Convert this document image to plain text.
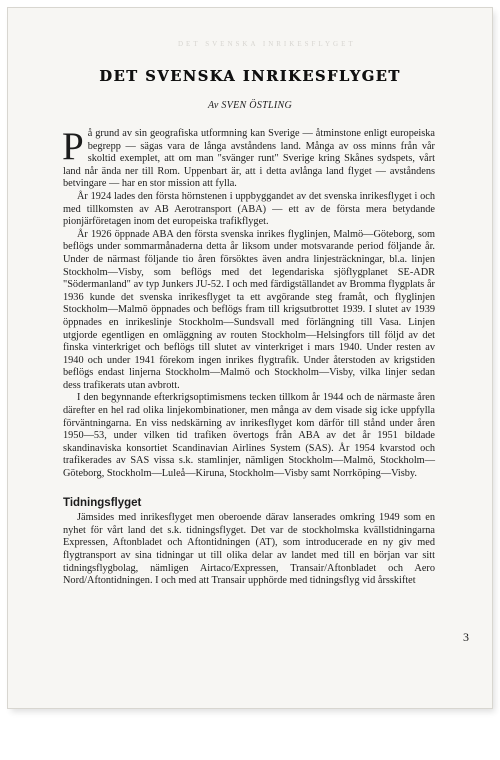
DET SVENSKA INRIKESFLYGET
DET SVENSKA INRIKESFLYGET
Av SVEN ÖSTLING

På grund av sin geografiska utformning kan Sverige — åtminstone enligt europeiska begrepp — sägas vara de långa avståndens land. Många av oss minns från vår skoltid exemplet, att om man "svänger runt" Sverige kring Skånes sydspets, vårt land når ända ner till Rom. Uppenbart är, att i detta avlånga land flyget — avståndens betvingare — har en stor mission att fylla.

År 1924 lades den första hörnstenen i uppbyggandet av det svenska inrikesflyget i och med tillkomsten av AB Aerotransport (ABA) — ett av de första mera betydande pionjärföretagen inom det europeiska trafikflyget.

År 1926 öppnade ABA den första svenska inrikes flyglinjen, Malmö—Göteborg, som beflögs under sommarmånaderna detta år liksom under motsvarande period följande år. Under de närmast följande tio åren försöktes även andra linjesträckningar, bl.a. linjen Stockholm—Visby, som beflögs med det legendariska sjöflygplanet SE-ADR "Södermanland" av typ Junkers JU-52. I och med färdigställandet av Bromma flygplats år 1936 kunde det svenska inrikesflyget ta ett avgörande steg framåt, och flyglinjen Stockholm—Malmö öppnades och beflögs fram till krigsutbrottet 1939. I slutet av 1939 öppnades en inrikeslinje Stockholm—Sundsvall med förlängning till Vasa. Linjen utgjorde egentligen en omläggning av routen Stockholm—Helsingfors till följd av det finska vinterkriget och beflögs till slutet av vinterkriget i mars 1940. Under resten av 1940 och under 1941 förekom ingen inrikes flygtrafik. Under återstoden av krigstiden beflögs endast linjerna Stockholm—Malmö och Stockholm—Visby, vilka linjer sedan dess trafikerats utan avbrott.

I den begynnande efterkrigsoptimismens tecken tillkom år 1944 och de närmaste åren därefter en hel rad olika linjekombinationer, men många av dem visade sig icke uppfylla förväntningarna. En viss nedskärning av inrikesflyget kom därför till stånd under åren 1950—53, under vilken tid trafiken övertogs från ABA av det år 1951 bildade skandinaviska konsortiet Scandinavian Airlines System (SAS). År 1954 kvarstod och trafikerades av SAS vissa s.k. stamlinjer, nämligen Stockholm—Malmö, Stockholm—Göteborg, Stockholm—Luleå—Kiruna, Stockholm—Visby samt Norrköping—Visby.

Tidningsflyget

Jämsides med inrikesflyget men oberoende därav lanserades omkring 1949 som en nyhet för vårt land det s.k. tidningsflyget. Det var de stockholmska kvällstidningarna Expressen, Aftonbladet och Aftontidningen (AT), som introducerade en ny giv med flygtransport av sina tidningar ut till olika delar av landet med till en början var sitt tidningsflygbolag, nämligen Airtaco/Expressen, Transair/Aftonbladet och Aero Nord/Aftontidningen. I och med att Transair upphörde med tidningsflyg vid årsskiftet

3
